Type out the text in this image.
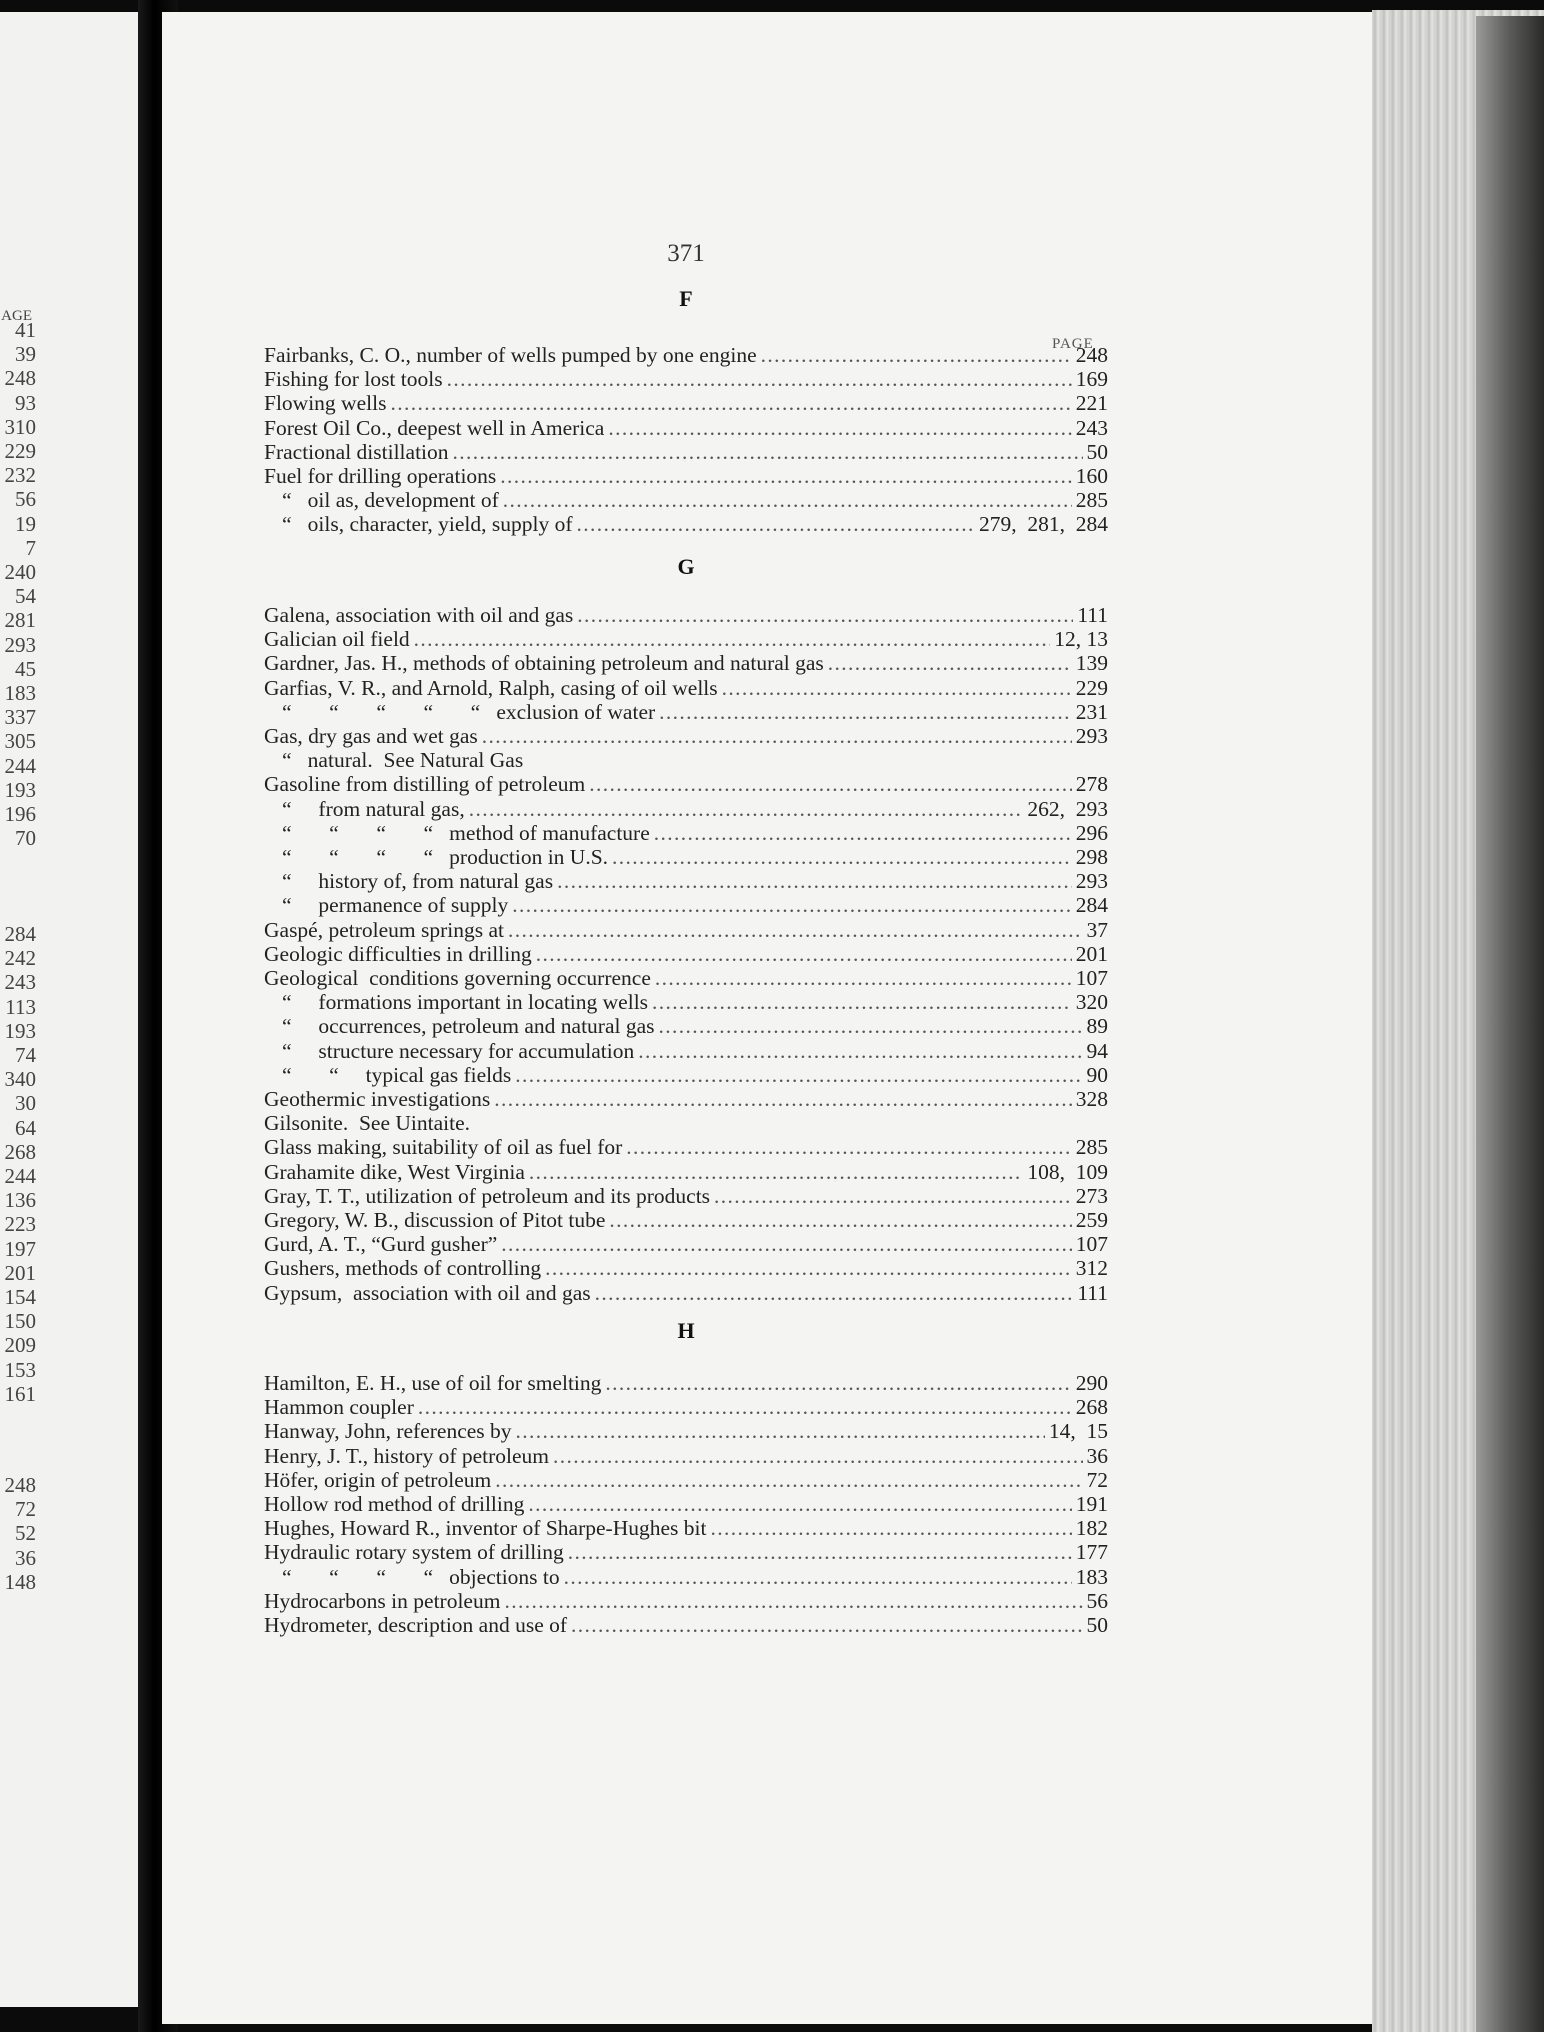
AGE
41
39
248
93
310
229
232
56
19
7
240
54
281
293
45
183
337
305
244
193
196
70
284
242
243
113
193
74
340
30
64
268
244
136
223
197
201
154
150
209
153
161
248
72
52
36
148
371
PAGE
F
Fairbanks, C. O., number of wells pumped by one engine . . .	248
Fishing for lost tools . . .	169
Flowing wells . . .	221
Forest Oil Co., deepest well in America . . .	243
Fractional distillation . . .	50
Fuel for drilling operations . . .	160
“ oil as, development of . . .	285
“ oils, character, yield, supply of . . .	279,  281,  284
G
Galena, association with oil and gas . . .	111
Galician oil field . . .	12, 13
Gardner, Jas. H., methods of obtaining petroleum and natural gas . . .	139
Garfias, V. R., and Arnold, Ralph, casing of oil wells . . .	229
“       “       “       “       “ exclusion of water . . .	231
Gas, dry gas and wet gas . . .	293
“ natural.  See Natural Gas
Gasoline from distilling of petroleum . . .	278
“ from natural gas, . . .	262,  293
“       “       “       “ method of manufacture . . .	296
“       “       “       “ production in U.S. . . .	298
“ history of, from natural gas . . .	293
“ permanence of supply . . .	284
Gaspé, petroleum springs at . . .	37
Geologic difficulties in drilling . . .	201
Geological  conditions governing occurrence . . .	107
“ formations important in locating wells . . .	320
“ occurrences, petroleum and natural gas . . .	89
“ structure necessary for accumulation . . .	94
“       “ typical gas fields . . .	90
Geothermic investigations . . .	328
Gilsonite.  See Uintaite.
Glass making, suitability of oil as fuel for . . .	285
Grahamite dike, West Virginia . . .	108,  109
Gray, T. T., utilization of petroleum and its products . . .	273
Gregory, W. B., discussion of Pitot tube . . .	259
Gurd, A. T., “Gurd gusher” . . .	107
Gushers, methods of controlling . . .	312
Gypsum,  association with oil and gas . . .	111
H
Hamilton, E. H., use of oil for smelting . . .	290
Hammon coupler . . .	268
Hanway, John, references by . . .	14,  15
Henry, J. T., history of petroleum . . .	36
Höfer, origin of petroleum . . .	72
Hollow rod method of drilling . . .	191
Hughes, Howard R., inventor of Sharpe-Hughes bit . . .	182
Hydraulic rotary system of drilling . . .	177
“       “       “       “ objections to . . .	183
Hydrocarbons in petroleum . . .	56
Hydrometer, description and use of . . .	50
